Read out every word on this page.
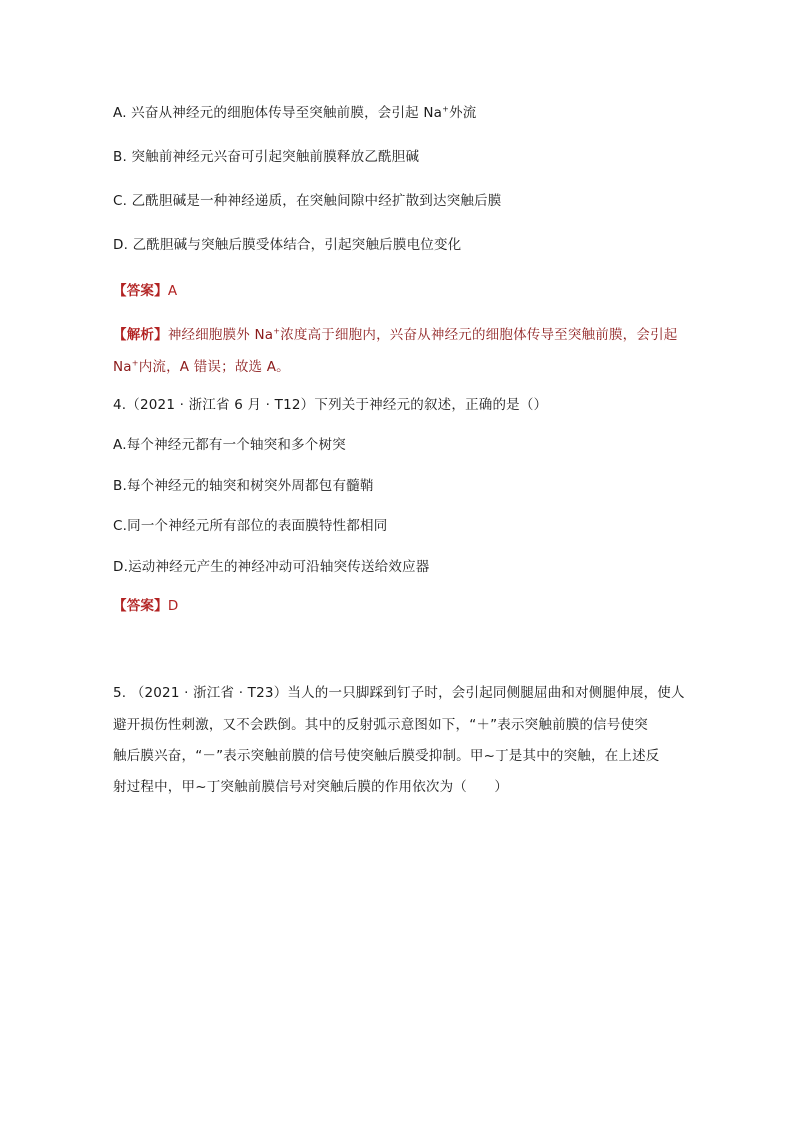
A. 兴奋从神经元的细胞体传导至突触前膜，会引起 Na+外流
B. 突触前神经元兴奋可引起突触前膜释放乙酰胆碱
C. 乙酰胆碱是一种神经递质，在突触间隙中经扩散到达突触后膜
D. 乙酰胆碱与突触后膜受体结合，引起突触后膜电位变化
【答案】A
【解析】神经细胞膜外 Na+浓度高于细胞内，兴奋从神经元的细胞体传导至突触前膜，会引起
Na+内流，A 错误；故选 A。
4.（2021 · 浙江省 6 月 · T12）下列关于神经元的叙述，正确的是（）
A.每个神经元都有一个轴突和多个树突
B.每个神经元的轴突和树突外周都包有髓鞘
C.同一个神经元所有部位的表面膜特性都相同
D.运动神经元产生的神经冲动可沿轴突传送给效应器
【答案】D
5. （2021 · 浙江省 · T23）当人的一只脚踩到钉子时，会引起同侧腿屈曲和对侧腿伸展，使人
避开损伤性刺激，又不会跌倒。其中的反射弧示意图如下，“＋”表示突触前膜的信号使突
触后膜兴奋，“－”表示突触前膜的信号使突触后膜受抑制。甲~丁是其中的突触，在上述反
射过程中，甲~丁突触前膜信号对突触后膜的作用依次为（　　）
